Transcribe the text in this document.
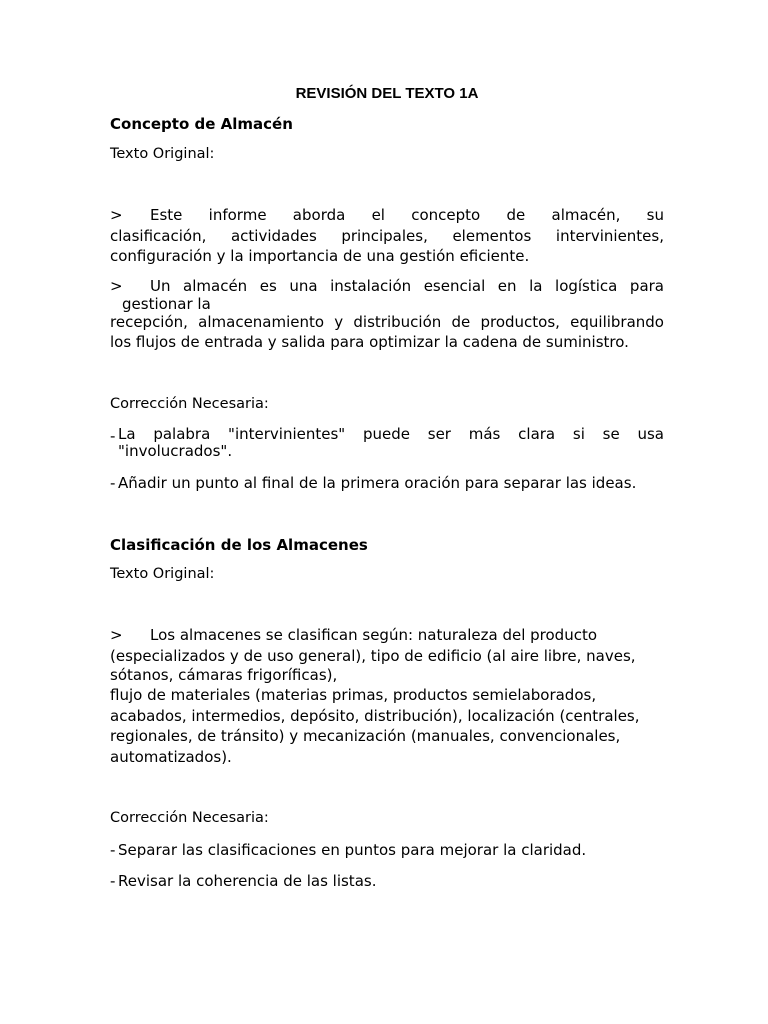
REVISIÓN DEL TEXTO 1A

Concepto de Almacén

Texto Original:

> Este informe aborda el concepto de almacén, su
clasificación, actividades principales, elementos intervinientes,
configuración y la importancia de una gestión eficiente.
> Un almacén es una instalación esencial en la logística para
gestionar la
recepción, almacenamiento y distribución de productos, equilibrando
los flujos de entrada y salida para optimizar la cadena de suministro.

Corrección Necesaria:

- La palabra "intervinientes" puede ser más clara si se usa
"involucrados".
- Añadir un punto al final de la primera oración para separar las ideas.

Clasificación de los Almacenes

Texto Original:

> Los almacenes se clasifican según: naturaleza del producto
(especializados y de uso general), tipo de edificio (al aire libre, naves,
sótanos, cámaras frigoríficas),
flujo de materiales (materias primas, productos semielaborados,
acabados, intermedios, depósito, distribución), localización (centrales,
regionales, de tránsito) y mecanización (manuales, convencionales,
automatizados).

Corrección Necesaria:

- Separar las clasificaciones en puntos para mejorar la claridad.
- Revisar la coherencia de las listas.
